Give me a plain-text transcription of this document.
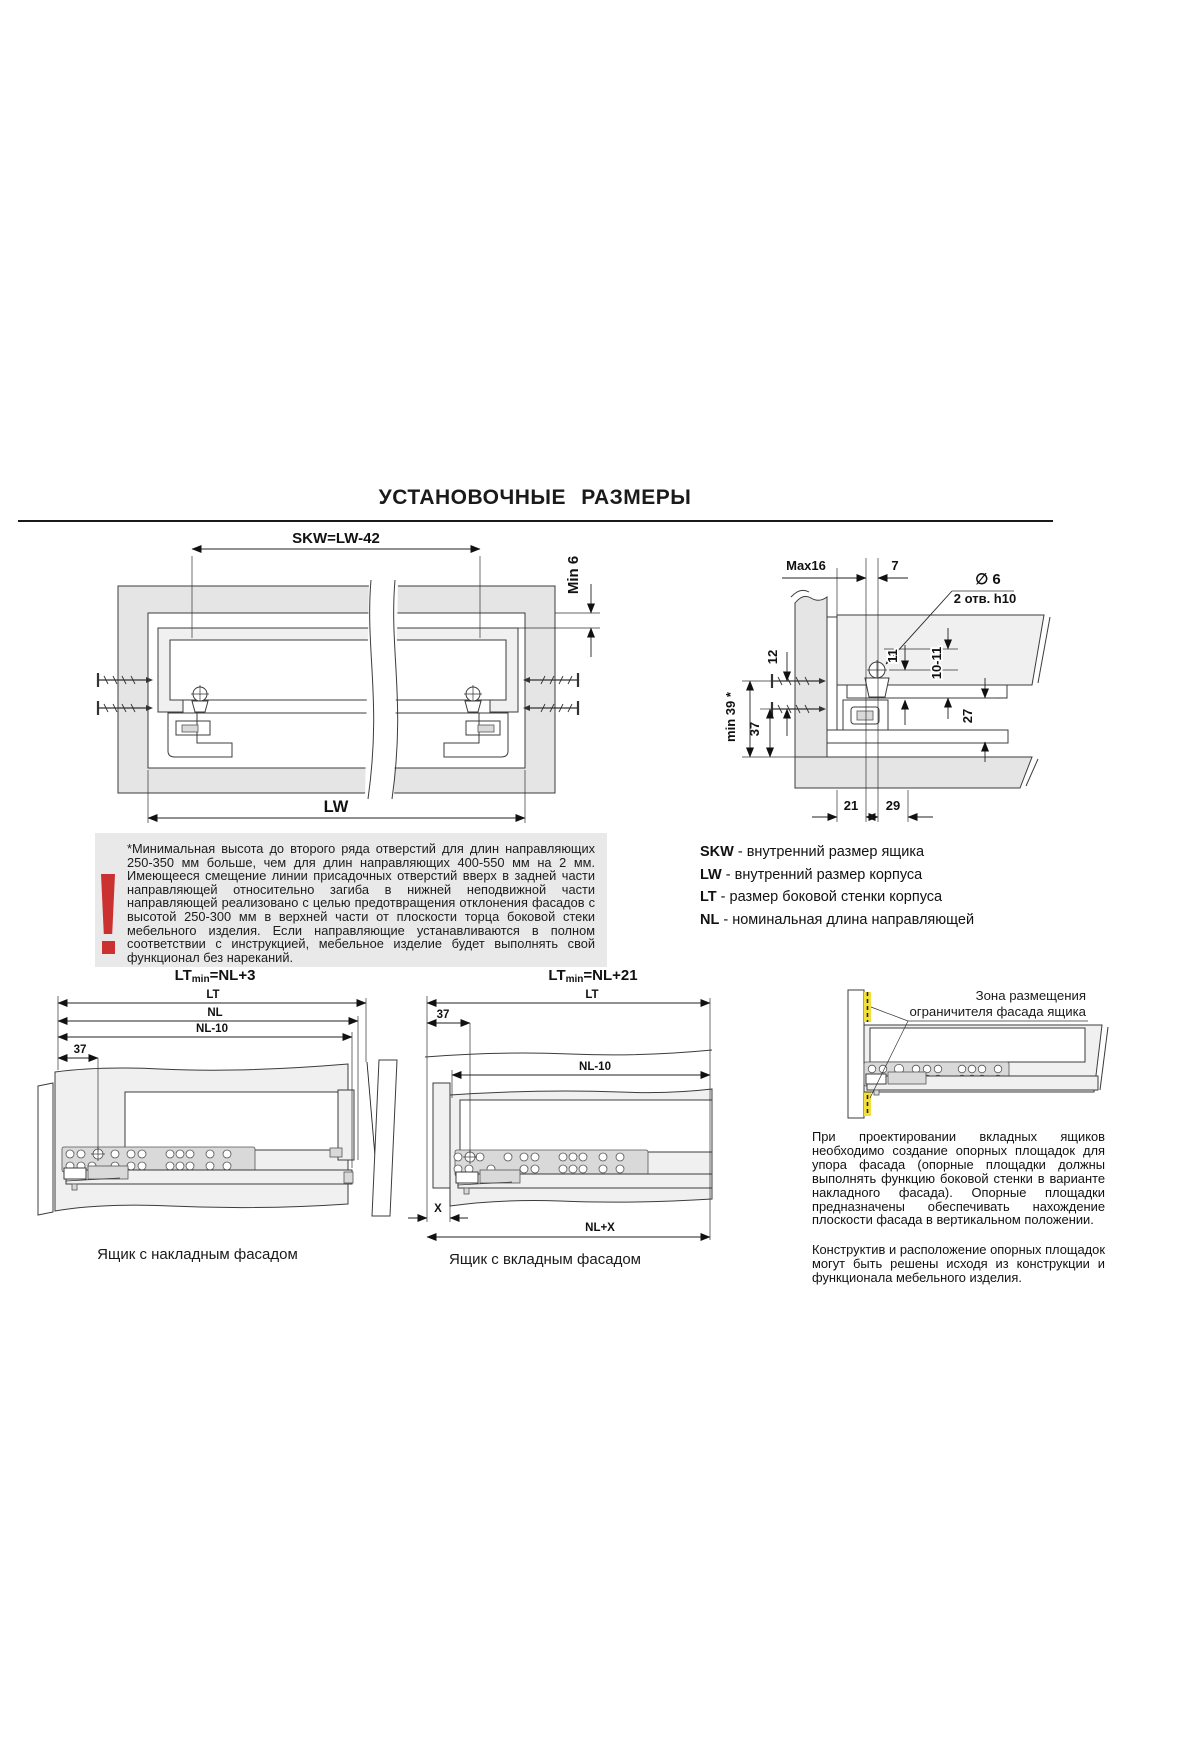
УСТАНОВОЧНЫЕ РАЗМЕРЫ
SKW=LW-42
Min 6
LW
Max16	7
∅ 6
2 отв. h10
12
37
min 39 *
11 10-11
27
21 29
*Минимальная высота до второго ряда отверстий для длин направляющих 250-350 мм больше, чем для длин направляющих 400-550 мм на 2 мм. Имеющееся смещение линии присадочных отверстий вверх в задней части направляющей относительно загиба в нижней неподвижной части направляющей реализовано с целью предотвращения отклонения фасадов с высотой 250-300 мм в верхней части от плоскости торца боковой стеки мебельного изделия. Если направляющие устанавливаются в полном соответствии с инструкцией, мебельное изделие будет выполнять свой функционал без нареканий.
SKW - внутренний размер ящика
LW - внутренний размер корпуса
LT - размер боковой стенки корпуса
NL - номинальная длина направляющей
LTmin=NL+3
LT
NL
NL-10
37
LTmin=NL+21
LT
37
NL-10
X
NL+X
Зона размещения
ограничителя фасада ящика
Ящик с накладным фасадом	Ящик с вкладным фасадом

При проектировании вкладных ящиков необходимо создание опорных площадок для упора фасада (опорные площадки должны выполнять функцию боковой стенки в варианте накладного фасада). Опорные площадки предназначены обеспечивать нахождение плоскости фасада в вертикальном положении.

Конструктив и расположение опорных площадок могут быть решены исходя из конструкции и функционала мебельного изделия.
